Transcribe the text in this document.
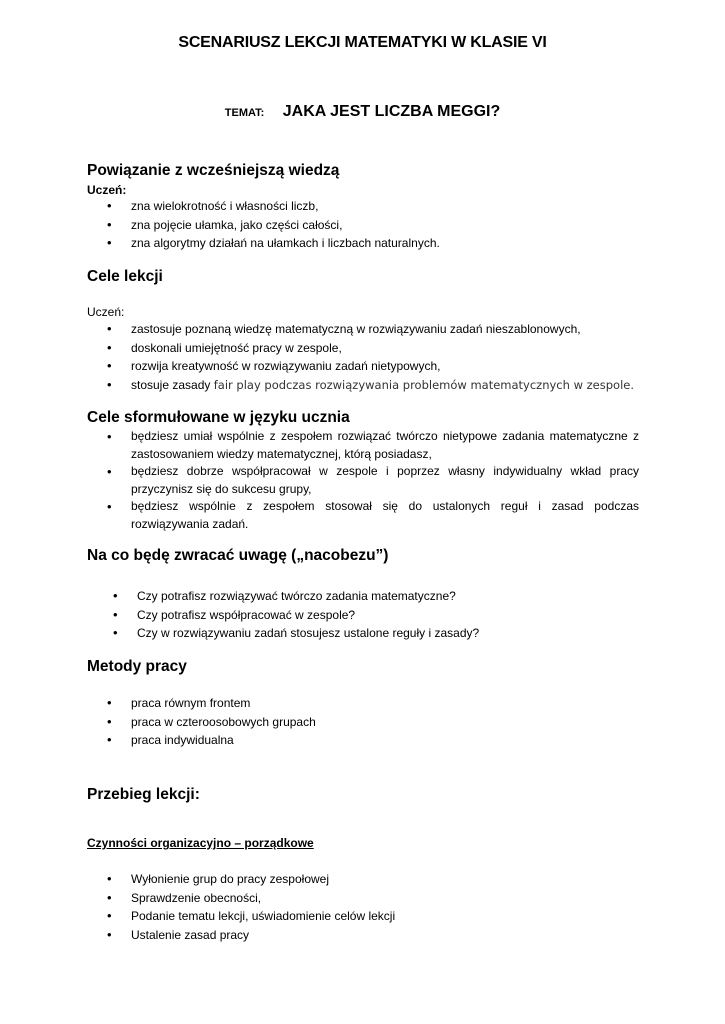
SCENARIUSZ LEKCJI MATEMATYKI W KLASIE VI
TEMAT: JAKA JEST LICZBA MEGGI?
Powiązanie z wcześniejszą wiedzą

Uczeń:

• zna wielokrotność i własności liczb,
• zna pojęcie ułamka, jako części całości,
• zna algorytmy działań na ułamkach i liczbach naturalnych.
Cele lekcji

Uczeń:

• zastosuje poznaną wiedzę matematyczną w rozwiązywaniu zadań nieszablonowych,
• doskonali umiejętność pracy w zespole,
• rozwija kreatywność w rozwiązywaniu zadań nietypowych,
• stosuje zasady fair play podczas rozwiązywania problemów matematycznych w zespole.
Cele sformułowane w języku ucznia
• będziesz umiał wspólnie z zespołem rozwiązać twórczo nietypowe zadania matematyczne z zastosowaniem wiedzy matematycznej, którą posiadasz,
• będziesz dobrze współpracował w zespole i poprzez własny indywidualny wkład pracy przyczynisz się do sukcesu grupy,
• będziesz wspólnie z zespołem stosował się do ustalonych reguł i zasad podczas rozwiązywania zadań.
Na co będę zwracać uwagę („nacobezu”)
• Czy potrafisz rozwiązywać twórczo zadania matematyczne?
• Czy potrafisz współpracować w zespole?
• Czy w rozwiązywaniu zadań stosujesz ustalone reguły i zasady?
Metody pracy
• praca równym frontem
• praca w czteroosobowych grupach
• praca indywidualna
Przebieg lekcji:

Czynności organizacyjno – porządkowe

• Wyłonienie grup do pracy zespołowej
• Sprawdzenie obecności,
• Podanie tematu lekcji, uświadomienie celów lekcji
• Ustalenie zasad pracy
